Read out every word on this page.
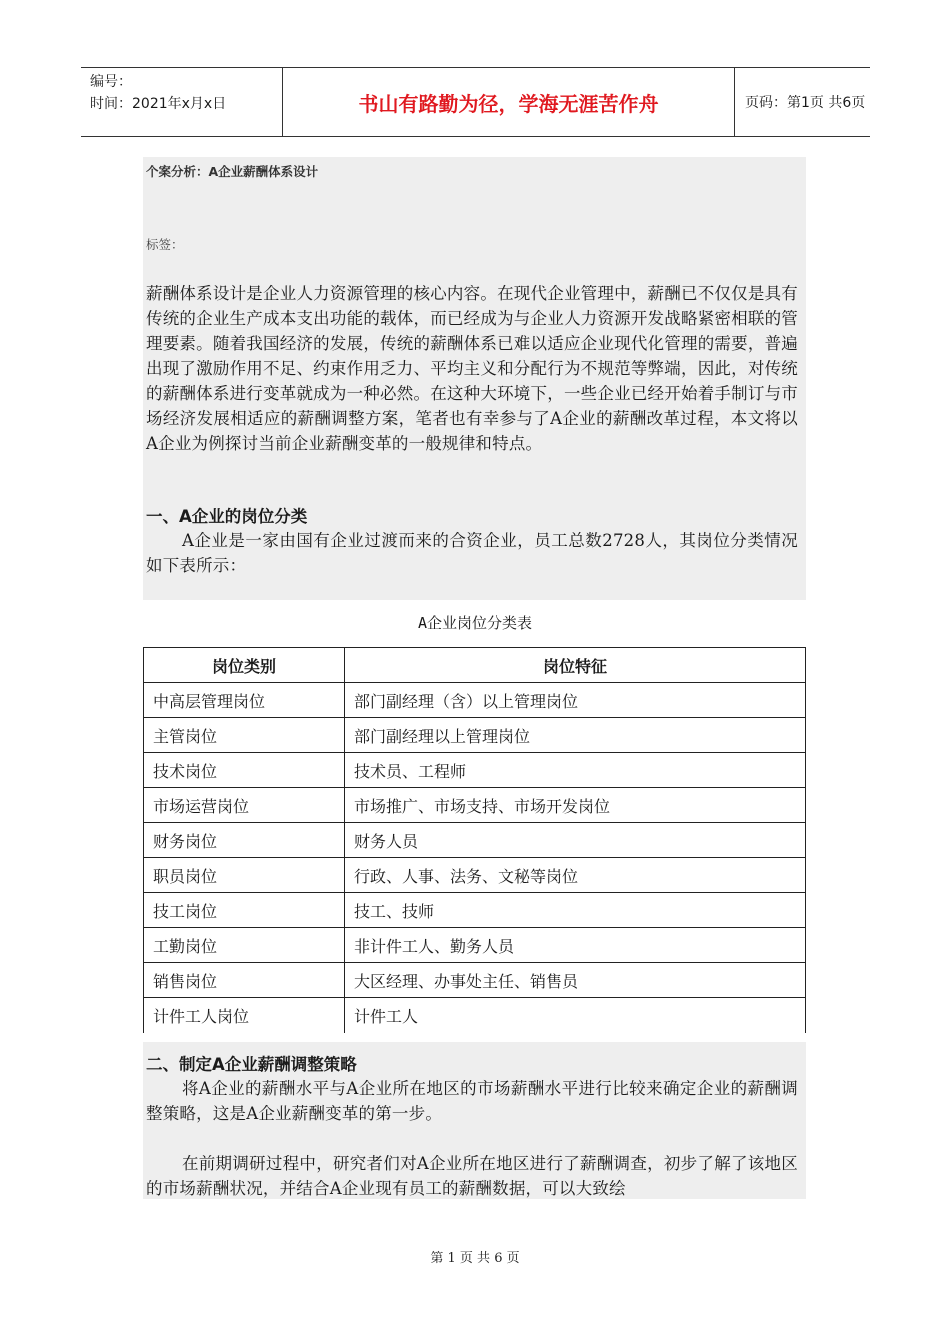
编号：
时间：2021年x月x日	书山有路勤为径，学海无涯苦作舟	页码：第1页 共6页
个案分析：A企业薪酬体系设计
标签：

薪酬体系设计是企业人力资源管理的核心内容。在现代企业管理中，薪酬已不仅仅是具有传统的企业生产成本支出功能的载体，而已经成为与企业人力资源开发战略紧密相联的管理要素。随着我国经济的发展，传统的薪酬体系已难以适应企业现代化管理的需要，普遍出现了激励作用不足、约束作用乏力、平均主义和分配行为不规范等弊端，因此，对传统的薪酬体系进行变革就成为一种必然。在这种大环境下，一些企业已经开始着手制订与市场经济发展相适应的薪酬调整方案，笔者也有幸参与了A企业的薪酬改革过程，本文将以A企业为例探讨当前企业薪酬变革的一般规律和特点。

一、A企业的岗位分类

A企业是一家由国有企业过渡而来的合资企业，员工总数2728人，其岗位分类情况如下表所示：

A企业岗位分类表
岗位类别	岗位特征
中高层管理岗位	部门副经理（含）以上管理岗位
主管岗位	部门副经理以上管理岗位
技术岗位	技术员、工程师
市场运营岗位	市场推广、市场支持、市场开发岗位
财务岗位	财务人员
职员岗位	行政、人事、法务、文秘等岗位
技工岗位	技工、技师
工勤岗位	非计件工人、勤务人员
销售岗位	大区经理、办事处主任、销售员
计件工人岗位	计件工人
二、制定A企业薪酬调整策略

将A企业的薪酬水平与A企业所在地区的市场薪酬水平进行比较来确定企业的薪酬调整策略，这是A企业薪酬变革的第一步。

在前期调研过程中，研究者们对A企业所在地区进行了薪酬调查，初步了解了该地区的市场薪酬状况，并结合A企业现有员工的薪酬数据，可以大致绘

第 1 页 共 6 页
